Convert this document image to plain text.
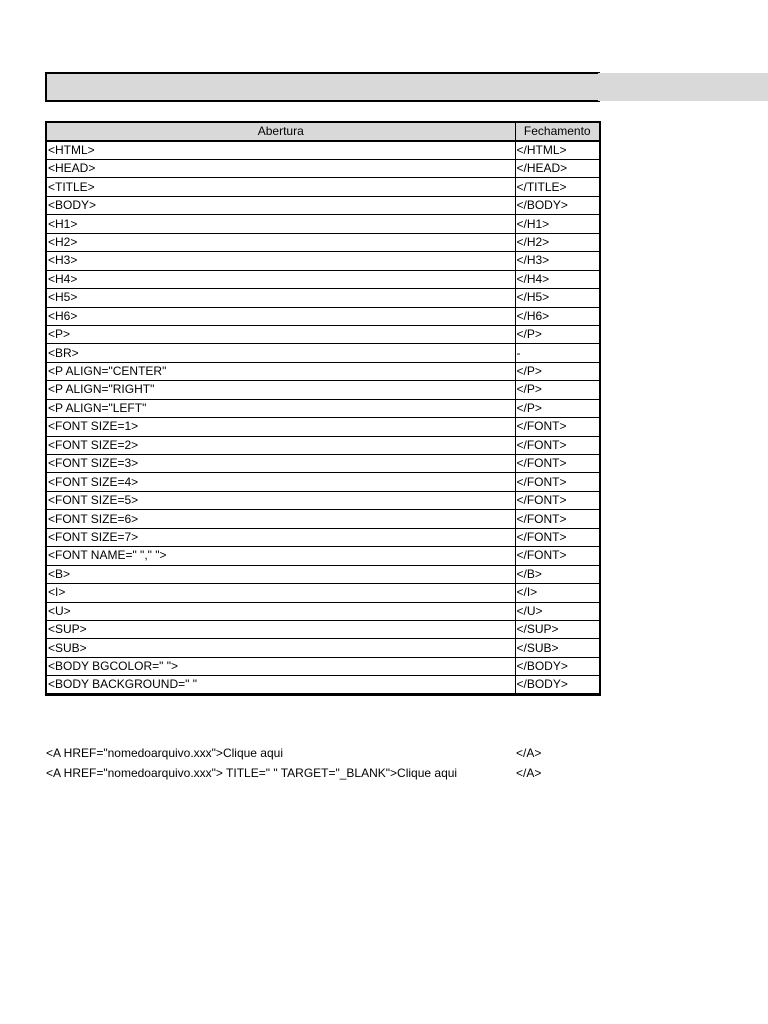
Abertura	Fechamento
<HTML>	</HTML>
<HEAD>	</HEAD>
<TITLE>	</TITLE>
<BODY>	</BODY>
<H1>	</H1>
<H2>	</H2>
<H3>	</H3>
<H4>	</H4>
<H5>	</H5>
<H6>	</H6>
<P>	</P>
<BR>	-
<P ALIGN="CENTER"	</P>
<P ALIGN="RIGHT"	</P>
<P ALIGN="LEFT"	</P>
<FONT SIZE=1>	</FONT>
<FONT SIZE=2>	</FONT>
<FONT SIZE=3>	</FONT>
<FONT SIZE=4>	</FONT>
<FONT SIZE=5>	</FONT>
<FONT SIZE=6>	</FONT>
<FONT SIZE=7>	</FONT>
<FONT NAME=" "," ">	</FONT>
<B>	</B>
<I>	</I>
<U>	</U>
<SUP>	</SUP>
<SUB>	</SUB>
<BODY BGCOLOR=" ">	</BODY>
<BODY BACKGROUND=" "	</BODY>
<A HREF="nomedoarquivo.xxx">Clique aqui	</A>
<A HREF="nomedoarquivo.xxx"> TITLE=" " TARGET="_BLANK">Clique aqui	</A>
